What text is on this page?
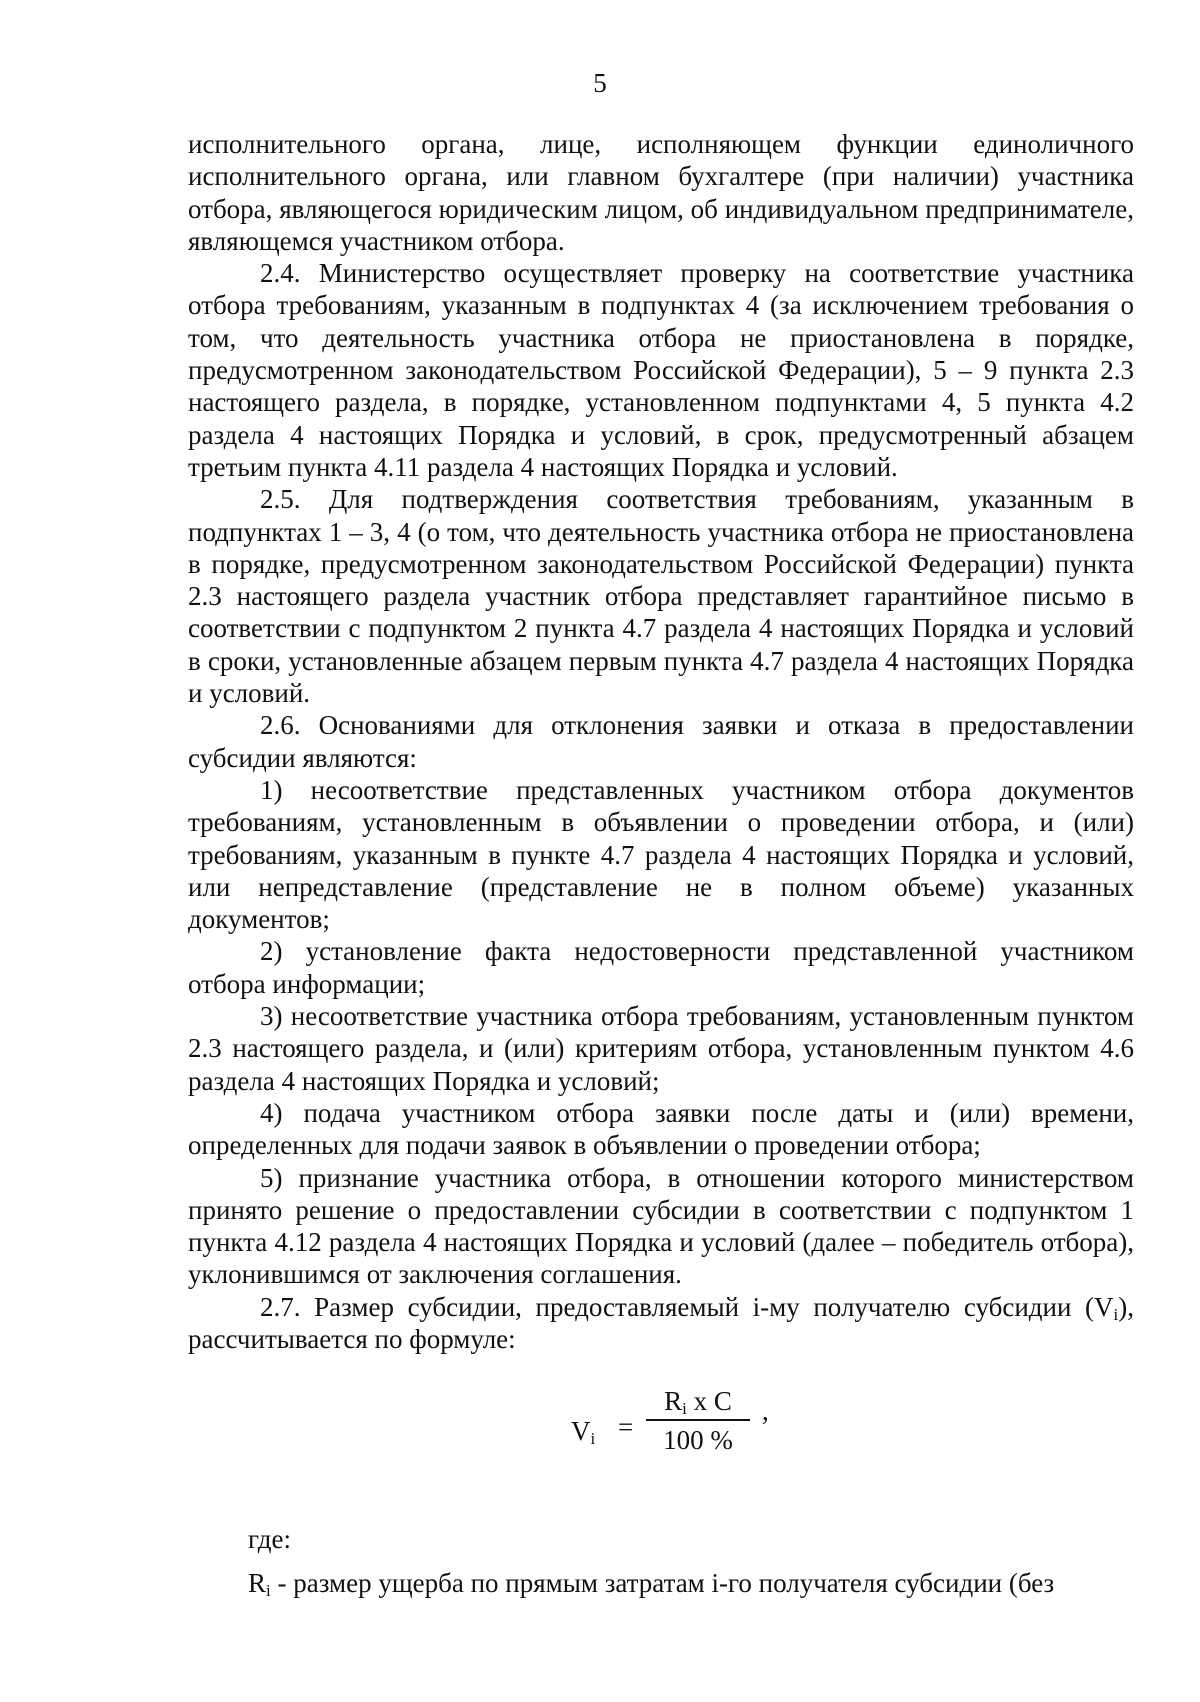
5

исполнительного органа, лице, исполняющем функции единоличного исполнительного органа, или главном бухгалтере (при наличии) участника отбора, являющегося юридическим лицом, об индивидуальном предпринимателе, являющемся участником отбора.

2.4. Министерство осуществляет проверку на соответствие участника отбора требованиям, указанным в подпунктах 4 (за исключением требования о том, что деятельность участника отбора не приостановлена в порядке, предусмотренном законодательством Российской Федерации), 5 – 9 пункта 2.3 настоящего раздела, в порядке, установленном подпунктами 4, 5 пункта 4.2 раздела 4 настоящих Порядка и условий, в срок, предусмотренный абзацем третьим пункта 4.11 раздела 4 настоящих Порядка и условий.

2.5. Для подтверждения соответствия требованиям, указанным в подпунктах 1 – 3, 4 (о том, что деятельность участника отбора не приостановлена в порядке, предусмотренном законодательством Российской Федерации) пункта 2.3 настоящего раздела участник отбора представляет гарантийное письмо в соответствии с подпунктом 2 пункта 4.7 раздела 4 настоящих Порядка и условий в сроки, установленные абзацем первым пункта 4.7 раздела 4 настоящих Порядка и условий.

2.6. Основаниями для отклонения заявки и отказа в предоставлении субсидии являются:

1) несоответствие представленных участником отбора документов требованиям, установленным в объявлении о проведении отбора, и (или) требованиям, указанным в пункте 4.7 раздела 4 настоящих Порядка и условий, или непредставление (представление не в полном объеме) указанных документов;

2) установление факта недостоверности представленной участником отбора информации;

3) несоответствие участника отбора требованиям, установленным пунктом 2.3 настоящего раздела, и (или) критериям отбора, установленным пунктом 4.6 раздела 4 настоящих Порядка и условий;

4) подача участником отбора заявки после даты и (или) времени, определенных для подачи заявок в объявлении о проведении отбора;

5) признание участника отбора, в отношении которого министерством принято решение о предоставлении субсидии в соответствии с подпунктом 1 пункта 4.12 раздела 4 настоящих Порядка и условий (далее – победитель отбора), уклонившимся от заключения соглашения.

2.7. Размер субсидии, предоставляемый i-му получателю субсидии $(V_i)$, рассчитывается по формуле:

$V_i$ =
$R_i$ x C
100 %
,
где:
$R_i$ - размер ущерба по прямым затратам i-го получателя субсидии (без
